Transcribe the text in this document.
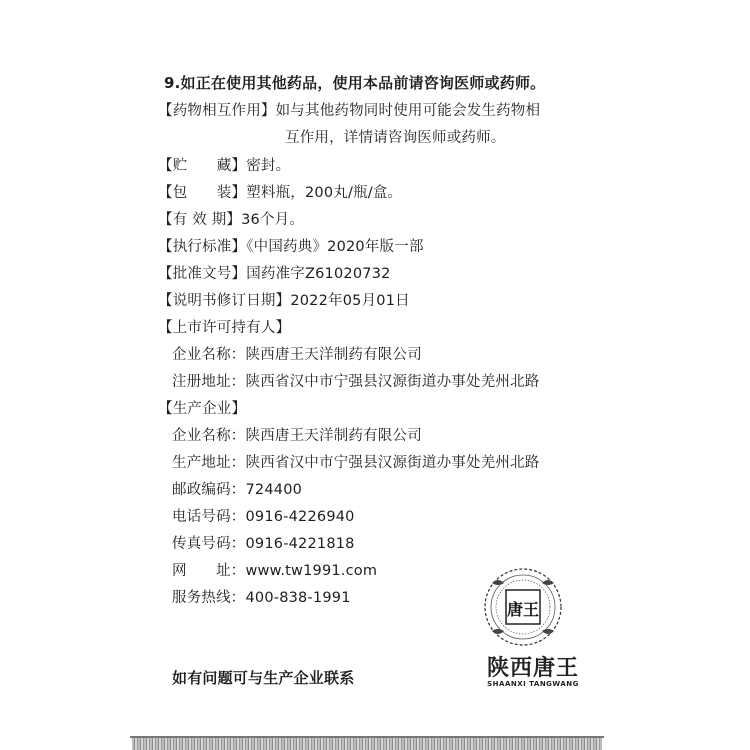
9.如正在使用其他药品，使用本品前请咨询医师或药师。
【药物相互作用】如与其他药物同时使用可能会发生药物相
互作用，详情请咨询医师或药师。
【贮　　藏】密封。
【包　　装】塑料瓶，200丸/瓶/盒。
【有 效 期】36个月。
【执行标准】《中国药典》2020年版一部
【批准文号】国药准字Z61020732
【说明书修订日期】2022年05月01日
【上市许可持有人】
企业名称：陕西唐王天洋制药有限公司
注册地址：陕西省汉中市宁强县汉源街道办事处羌州北路
【生产企业】
企业名称：陕西唐王天洋制药有限公司
生产地址：陕西省汉中市宁强县汉源街道办事处羌州北路
邮政编码：724400
电话号码：0916-4226940
传真号码：0916-4221818
网　　址：www.tw1991.com
服务热线：400-838-1991
如有问题可与生产企业联系
唐王
陕西唐王
SHAANXI TANGWANG
